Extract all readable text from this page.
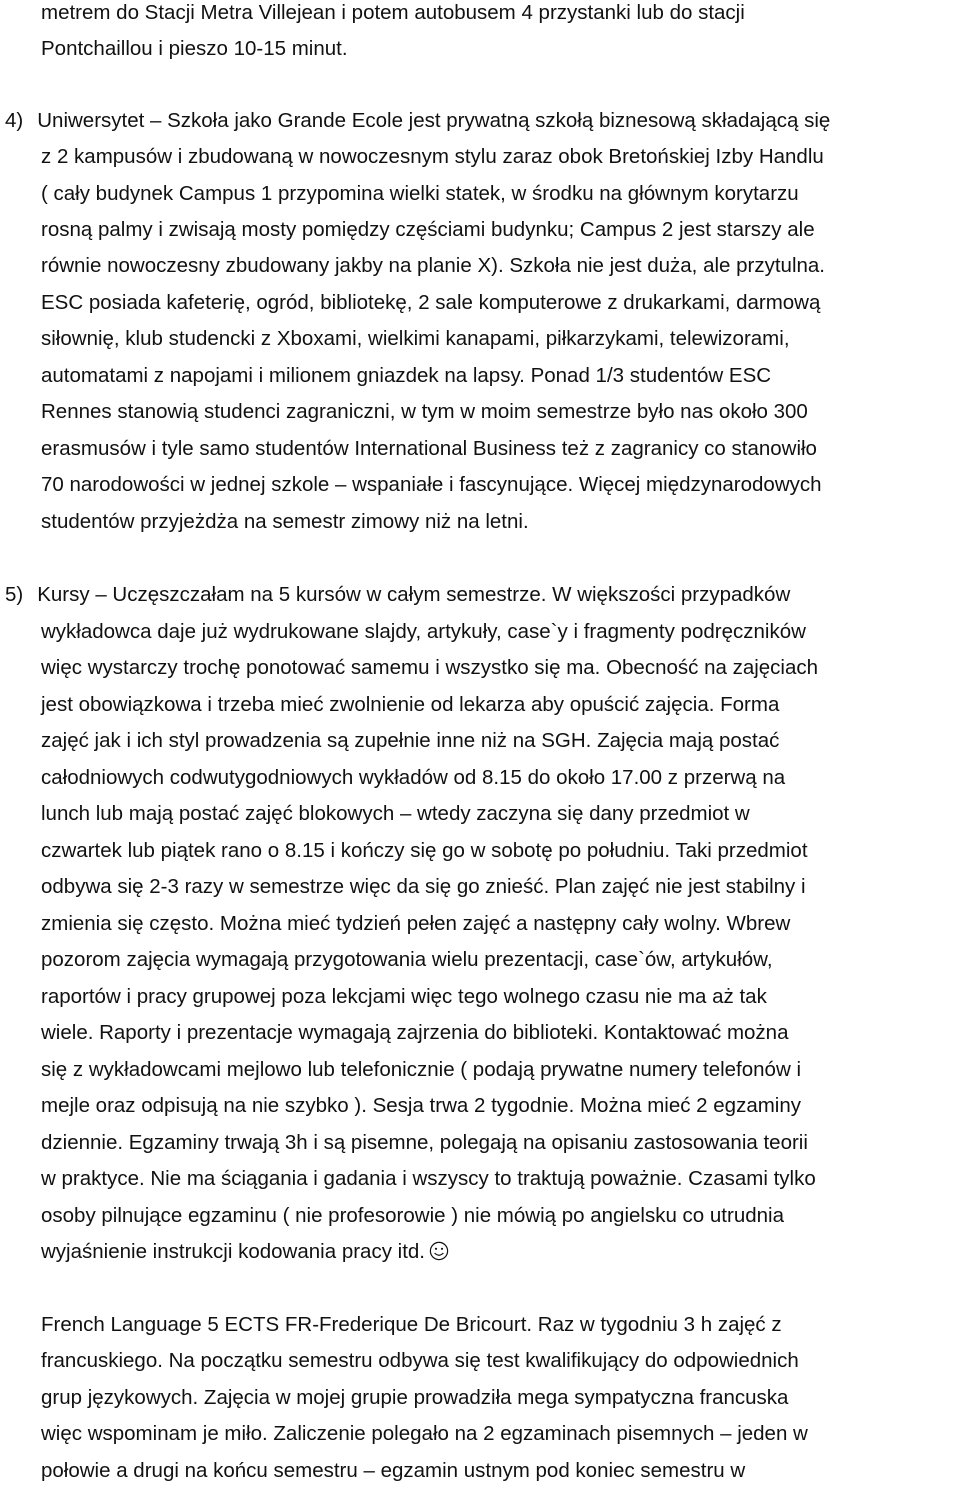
metrem do Stacji Metra Villejean i potem autobusem 4 przystanki lub do stacji
Pontchaillou i pieszo 10-15 minut.
4) Uniwersytet – Szkoła jako Grande Ecole jest prywatną szkołą biznesową składającą się
z 2 kampusów i zbudowaną w nowoczesnym stylu zaraz obok Bretońskiej Izby Handlu
( cały budynek Campus 1 przypomina wielki statek, w środku na głównym korytarzu
rosną palmy i zwisają mosty pomiędzy częściami budynku; Campus 2 jest starszy ale
równie nowoczesny zbudowany jakby na planie X). Szkoła nie jest duża, ale przytulna.
ESC posiada kafeterię, ogród, bibliotekę, 2 sale komputerowe z drukarkami, darmową
siłownię, klub studencki z Xboxami, wielkimi kanapami, piłkarzykami, telewizorami,
automatami z napojami i milionem gniazdek na lapsy. Ponad 1/3 studentów ESC
Rennes stanowią studenci zagraniczni, w tym w moim semestrze było nas około 300
erasmusów i tyle samo studentów International Business też z zagranicy co stanowiło
70 narodowości w jednej szkole – wspaniałe i fascynujące. Więcej międzynarodowych
studentów przyjeżdża na semestr zimowy niż na letni.
5) Kursy – Uczęszczałam na 5 kursów w całym semestrze. W większości przypadków
wykładowca daje już wydrukowane slajdy, artykuły, case`y i fragmenty podręczników
więc wystarczy trochę ponotować samemu i wszystko się ma. Obecność na zajęciach
jest obowiązkowa i trzeba mieć zwolnienie od lekarza aby opuścić zajęcia. Forma
zajęć jak i ich styl prowadzenia są zupełnie inne niż na SGH. Zajęcia mają postać
całodniowych codwutygodniowych wykładów od 8.15 do około 17.00 z przerwą na
lunch lub mają postać zajęć blokowych – wtedy zaczyna się dany przedmiot w
czwartek lub piątek rano o 8.15 i kończy się go w sobotę po południu. Taki przedmiot
odbywa się 2-3 razy w semestrze więc da się go znieść. Plan zajęć nie jest stabilny i
zmienia się często. Można mieć tydzień pełen zajęć a następny cały wolny. Wbrew
pozorom zajęcia wymagają przygotowania wielu prezentacji, case`ów, artykułów,
raportów i pracy grupowej poza lekcjami więc tego wolnego czasu nie ma aż tak
wiele. Raporty i prezentacje wymagają zajrzenia do biblioteki. Kontaktować można
się z wykładowcami mejlowo lub telefonicznie ( podają prywatne numery telefonów i
mejle oraz odpisują na nie szybko ). Sesja trwa 2 tygodnie. Można mieć 2 egzaminy
dziennie. Egzaminy trwają 3h i są pisemne, polegają na opisaniu zastosowania teorii
w praktyce. Nie ma ściągania i gadania i wszyscy to traktują poważnie. Czasami tylko
osoby pilnujące egzaminu ( nie profesorowie ) nie mówią po angielsku co utrudnia
wyjaśnienie instrukcji kodowania pracy itd.
French Language 5 ECTS FR-Frederique De Bricourt. Raz w tygodniu 3 h zajęć z
francuskiego. Na początku semestru odbywa się test kwalifikujący do odpowiednich
grup językowych. Zajęcia w mojej grupie prowadziła mega sympatyczna francuska
więc wspominam je miło. Zaliczenie polegało na 2 egzaminach pisemnych – jeden w
połowie a drugi na końcu semestru – egzamin ustnym pod koniec semestru w
